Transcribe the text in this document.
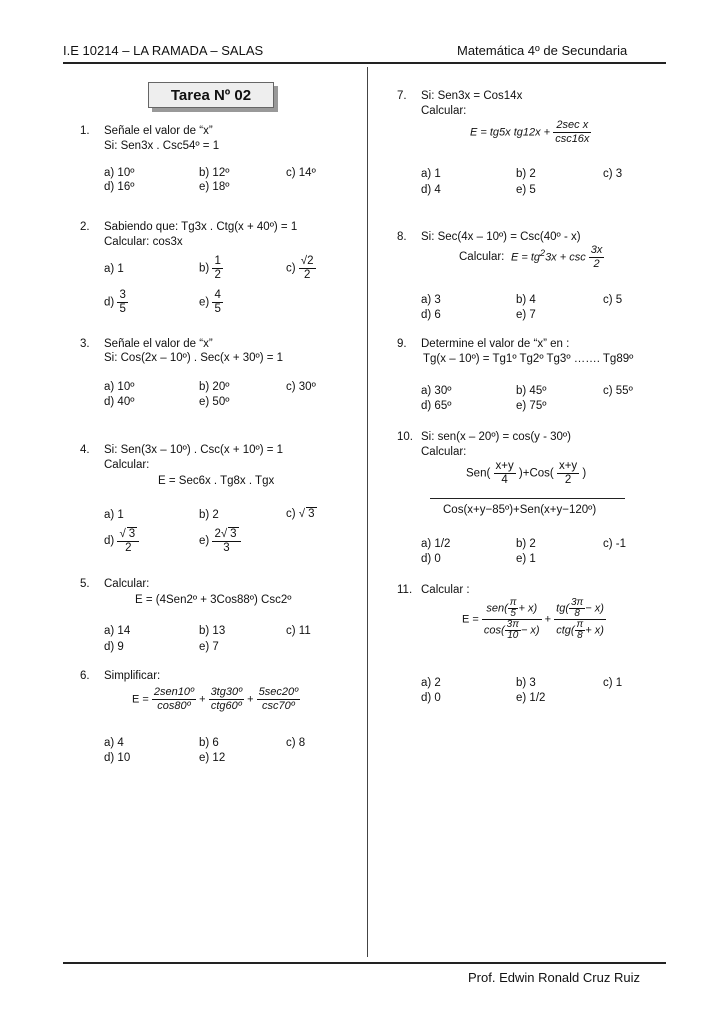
I.E 10214 – LA RAMADA – SALAS	Matemática 4º de Secundaria
Tarea Nº 02
1. Señale el valor de “x”
Si: Sen3x . Csc54º = 1
a) 10º	b) 12º	c) 14º
d) 16º	e) 18º
2. Sabiendo que: Tg3x . Ctg(x + 40º) = 1
Calcular: cos3x
a) 1	$b) \frac{1}{2}$	$c) \frac{√2}{2}$
$d) \frac{3}{5}$	$e) \frac{4}{5}$
3. Señale el valor de “x”
Si: Cos(2x – 10º) . Sec(x + 30º) = 1
a) 10º	b) 20º	c) 30º
d) 40º	e) 50º
4. Si: Sen(3x – 10º) . Csc(x + 10º) = 1
Calcular:
E = Sec6x . Tg8x . Tgx
a) 1	b) 2	c) √ 3
$d) \frac{√ 3}{2}$	$e) \frac{2√ 3}{3}$
5. Calcular:
E = (4Sen2º + 3Cos88º) Csc2º
a) 14	b) 13	c) 11
d) 9	e) 7
6. Simplificar:
$E = \frac{\text{2sen10º}}{\text{cos80º}} + \frac{\text{3tg30º}}{\text{ctg60º}} + \frac{\text{5sec20º}}{\text{csc70º}}$
a) 4	b) 6	c) 8
d) 10	e) 12
7. Si: Sen3x = Cos14x
Calcular:
E = tg5x $tg12x + \frac{\text{2sec x}}{\csc 16x}$
a) 1	b) 2	c) 3
d) 4	e) 5
8. Si: Sec(4x – 10º) = Csc(40º - x)
Calcular: $E = tg^23x + \csc \frac{3x}{2}$
a) 3	b) 4	c) 5
d) 6	e) 7
9. Determine el valor de “x” en :
Tg(x – 10º) = Tg1º Tg2º Tg3º ……. Tg89º
a) 30º	b) 45º	c) 55º
d) 65º	e) 75º
10. Si: sen(x – 20º) = cos(y - 30º)
Calcular:
$Sen( \frac{x+y}{4} )+Cos( \frac{x+y}{2}$ )
Cos(x+y−85º)+Sen(x+y−120º)
a) 1/2	b) 2	c) -1
d) 0	e) 1
11. Calcular :
$E = \frac{sen( \frac{\pi}{5} + x)}{\cos( \frac{3\pi}{10} - x)} + \frac{tg( \frac{3\pi}{8} - x)}{ctg( \frac{\pi}{8} + x)}$
a) 2	b) 3	c) 1
d) 0	e) 1/2
Prof. Edwin Ronald Cruz Ruiz
